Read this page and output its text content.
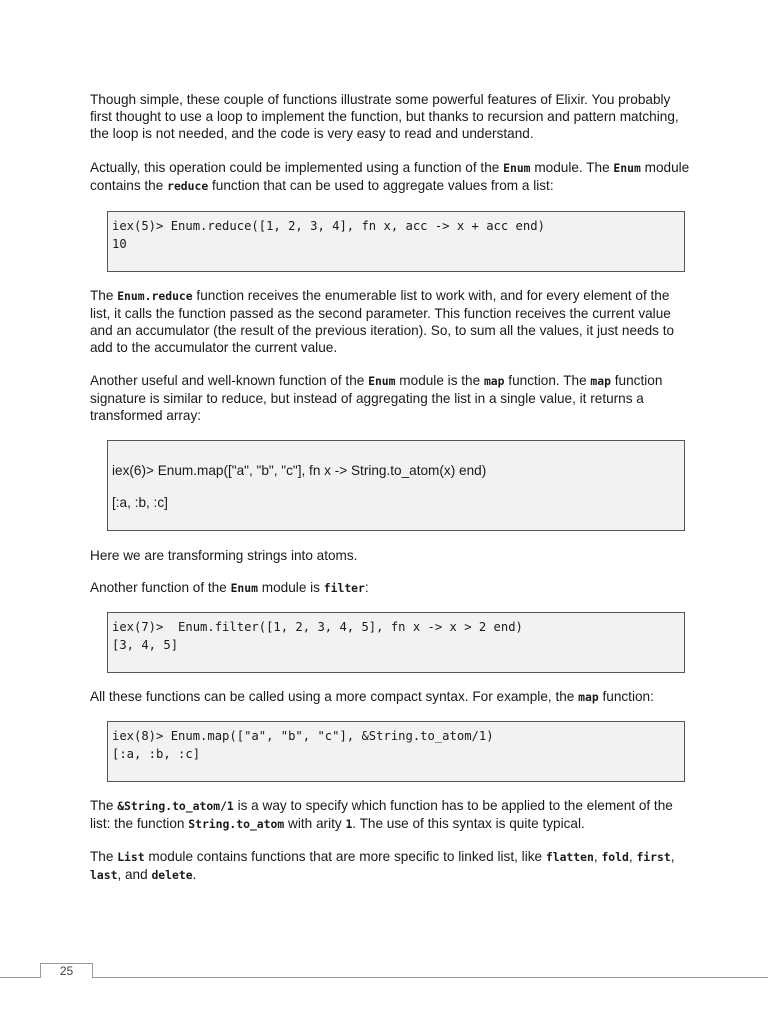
Though simple, these couple of functions illustrate some powerful features of Elixir. You probably first thought to use a loop to implement the function, but thanks to recursion and pattern matching, the loop is not needed, and the code is very easy to read and understand.

Actually, this operation could be implemented using a function of the Enum module. The Enum module contains the reduce function that can be used to aggregate values from a list:

iex(5)> Enum.reduce([1, 2, 3, 4], fn x, acc -> x + acc end)
10

The Enum.reduce function receives the enumerable list to work with, and for every element of the list, it calls the function passed as the second parameter. This function receives the current value and an accumulator (the result of the previous iteration). So, to sum all the values, it just needs to add to the accumulator the current value.

Another useful and well-known function of the Enum module is the map function. The map function signature is similar to reduce, but instead of aggregating the list in a single value, it returns a transformed array:

iex(6)> Enum.map(["a", "b", "c"], fn x -> String.to_atom(x) end)
[:a, :b, :c]

Here we are transforming strings into atoms.

Another function of the Enum module is filter:

iex(7)>  Enum.filter([1, 2, 3, 4, 5], fn x -> x > 2 end)
[3, 4, 5]

All these functions can be called using a more compact syntax. For example, the map function:

iex(8)> Enum.map(["a", "b", "c"], &String.to_atom/1)
[:a, :b, :c]

The &String.to_atom/1 is a way to specify which function has to be applied to the element of the list: the function String.to_atom with arity 1. The use of this syntax is quite typical.

The List module contains functions that are more specific to linked list, like flatten, fold, first, last, and delete.

25
